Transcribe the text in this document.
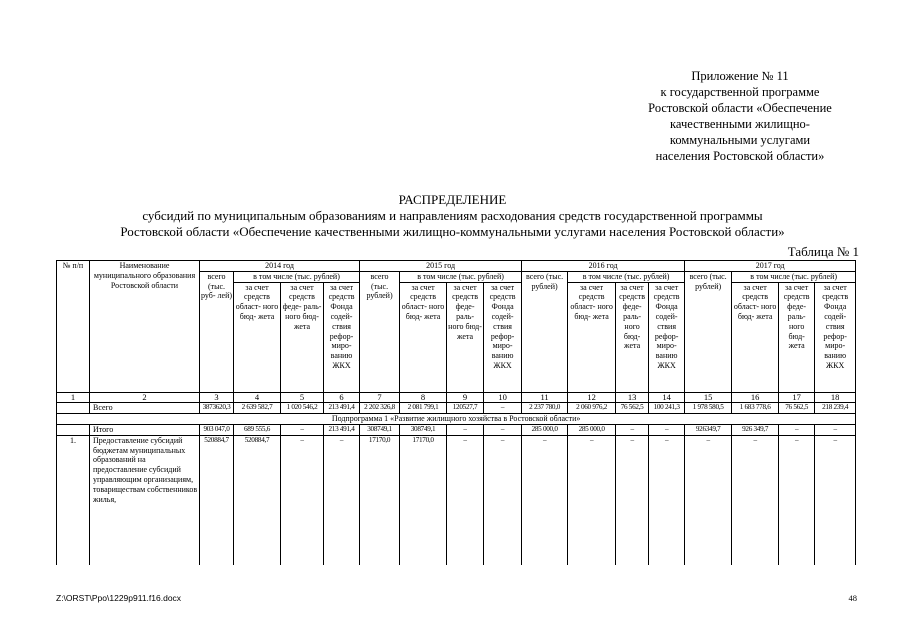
Приложение № 11
к государственной программе
Ростовской области «Обеспечение
качественными жилищно-
коммунальными услугами
населения Ростовской области»
РАСПРЕДЕЛЕНИЕ
субсидий по муниципальным образованиям и направлениям расходования средств государственной программы
Ростовской области «Обеспечение качественными жилищно-коммунальными услугами населения Ростовской области»
Таблица № 1
№ п/п	Наименование муниципального образования Ростовской области	2014 год				2015 год				2016 год				2017 год			
		всего (тыс. руб- лей)	в том числе (тыс. рублей)			всего (тыс. рублей)	в том числе (тыс. рублей)			всего (тыс. рублей)	в том числе (тыс. рублей)			всего (тыс. рублей)	в том числе (тыс. рублей)		
			за счет средств област- ного бюд- жета	за счет средств феде- раль- ного бюд- жета	за счет средств Фонда содей- ствия рефор- миро- ванию ЖКХ		за счет средств област- ного бюд- жета	за счет средств феде- раль- ного бюд- жета	за счет средств Фонда содей- ствия рефор- миро- ванию ЖКХ		за счет средств област- ного бюд- жета	за счет средств феде- раль- ного бюд- жета	за счет средств Фонда содей- ствия рефор- миро- ванию ЖКХ		за счет средств област- ного бюд- жета	за счет средств феде- раль- ного бюд- жета	за счет средств Фонда содей- ствия рефор- миро- ванию ЖКХ
1	2	3	4	5	6	7	8	9	10	11	12	13	14	15	16	17	18
	Всего	3873620,3	2 639 582,7	1 020 546,2	213 491,4	2 202 326,8	2 081 799,1	120527,7	–	2 237 780,0	2 060 976,2	76 562,5	100 241,3	1 978 580,5	1 683 778,6	76 562,5	218 239,4
Подпрограмма 1 «Развитие жилищного хозяйства в Ростовской области»																	
	Итого	903 047,0	689 555,6	–	213 491,4	308749,1	308749,1	–	–	285 000,0	285 000,0	–	–	926349,7	926 349,7	–	–
1.	Предоставление субсидий бюджетам муниципальных образований на предоставление субсидий управляющим организациям, товариществам собственников жилья,	520884,7	520884,7	–	–	17170,0	17170,0	–	–	–	–	–	–	–	–	–	–
Z:\ORST\Ppo\1229p911.f16.docx	48
